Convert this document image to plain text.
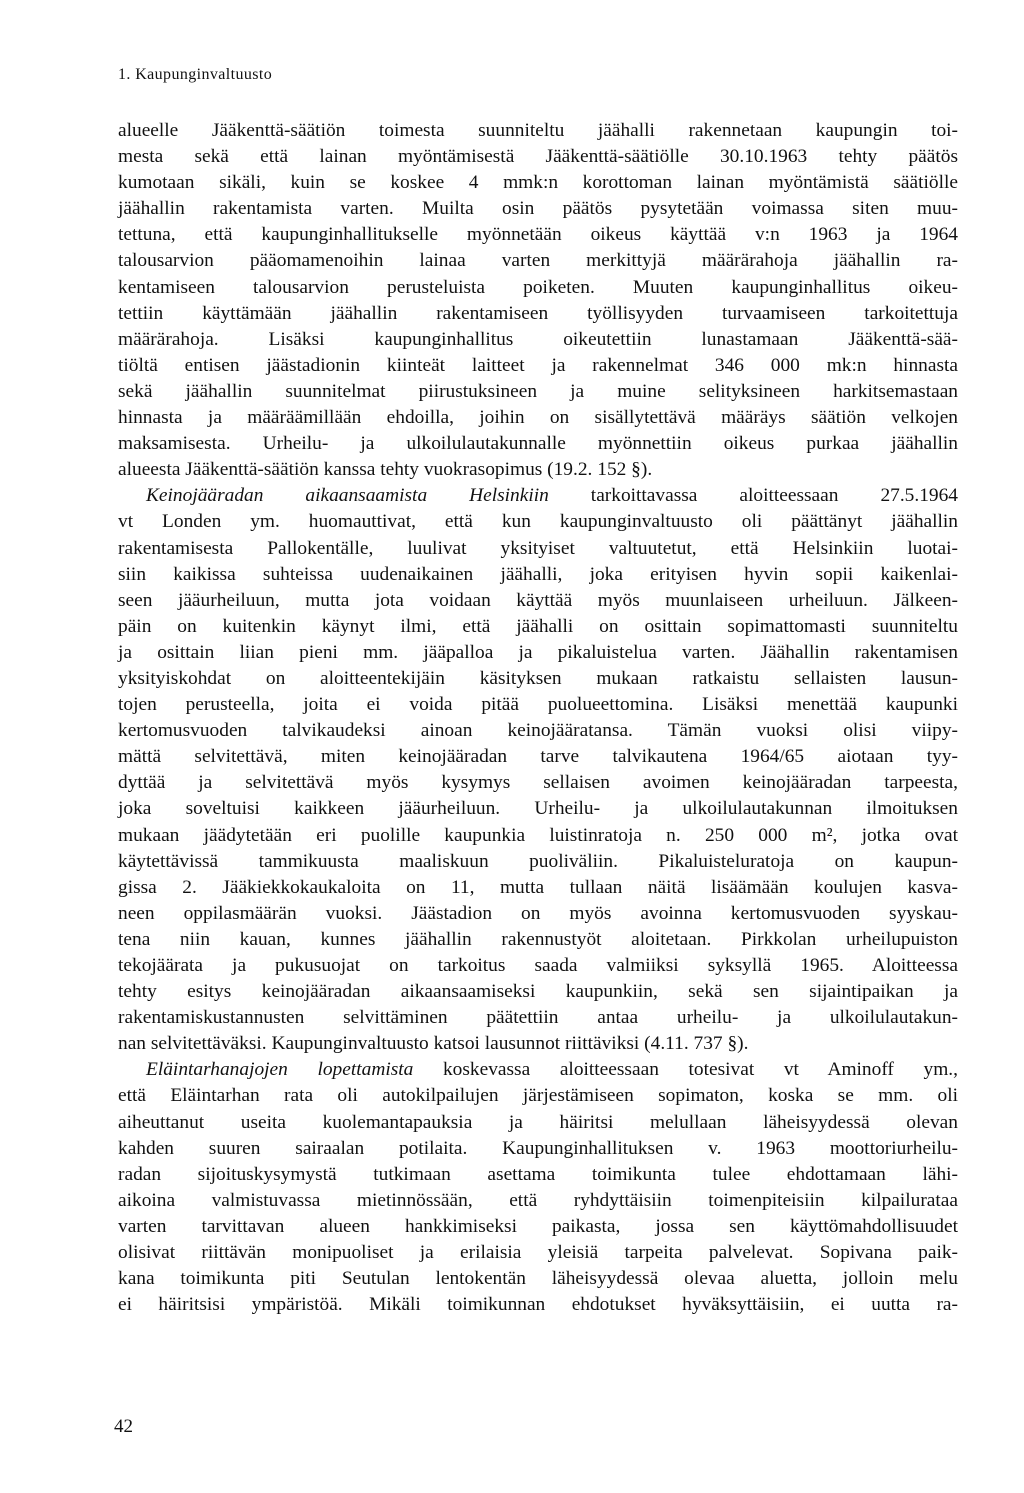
1. Kaupunginvaltuusto
alueelle Jääkenttä-säätiön toimesta suunniteltu jäähalli rakennetaan kaupungin toi-
mesta sekä että lainan myöntämisestä Jääkenttä-säätiölle 30.10.1963 tehty päätös
kumotaan sikäli, kuin se koskee 4 mmk:n korottoman lainan myöntämistä säätiölle
jäähallin rakentamista varten. Muilta osin päätös pysytetään voimassa siten muu-
tettuna, että kaupunginhallitukselle myönnetään oikeus käyttää v:n 1963 ja 1964
talousarvion pääomamenoihin lainaa varten merkittyjä määrärahoja jäähallin ra-
kentamiseen talousarvion perusteluista poiketen. Muuten kaupunginhallitus oikeu-
tettiin käyttämään jäähallin rakentamiseen työllisyyden turvaamiseen tarkoitettuja
määrärahoja. Lisäksi kaupunginhallitus oikeutettiin lunastamaan Jääkenttä-sää-
tiöltä entisen jäästadionin kiinteät laitteet ja rakennelmat 346 000 mk:n hinnasta
sekä jäähallin suunnitelmat piirustuksineen ja muine selityksineen harkitsemastaan
hinnasta ja määräämillään ehdoilla, joihin on sisällytettävä määräys säätiön velkojen
maksamisesta. Urheilu- ja ulkoilulautakunnalle myönnettiin oikeus purkaa jäähallin
alueesta Jääkenttä-säätiön kanssa tehty vuokrasopimus (19.2. 152 §).
Keinojääradan aikaansaamista Helsinkiin tarkoittavassa aloitteessaan 27.5.1964
vt Londen ym. huomauttivat, että kun kaupunginvaltuusto oli päättänyt jäähallin
rakentamisesta Pallokentälle, luulivat yksityiset valtuutetut, että Helsinkiin luotai-
siin kaikissa suhteissa uudenaikainen jäähalli, joka erityisen hyvin sopii kaikenlai-
seen jääurheiluun, mutta jota voidaan käyttää myös muunlaiseen urheiluun. Jälkeen-
päin on kuitenkin käynyt ilmi, että jäähalli on osittain sopimattomasti suunniteltu
ja osittain liian pieni mm. jääpalloa ja pikaluistelua varten. Jäähallin rakentamisen
yksityiskohdat on aloitteentekijäin käsityksen mukaan ratkaistu sellaisten lausun-
tojen perusteella, joita ei voida pitää puolueettomina. Lisäksi menettää kaupunki
kertomusvuoden talvikaudeksi ainoan keinojääratansa. Tämän vuoksi olisi viipy-
mättä selvitettävä, miten keinojääradan tarve talvikautena 1964/65 aiotaan tyy-
dyttää ja selvitettävä myös kysymys sellaisen avoimen keinojääradan tarpeesta,
joka soveltuisi kaikkeen jääurheiluun. Urheilu- ja ulkoilulautakunnan ilmoituksen
mukaan jäädytetään eri puolille kaupunkia luistinratoja n. 250 000 m², jotka ovat
käytettävissä tammikuusta maaliskuun puoliväliin. Pikaluisteluratoja on kaupun-
gissa 2. Jääkiekkokaukaloita on 11, mutta tullaan näitä lisäämään koulujen kasva-
neen oppilasmäärän vuoksi. Jäästadion on myös avoinna kertomusvuoden syyskau-
tena niin kauan, kunnes jäähallin rakennustyöt aloitetaan. Pirkkolan urheilupuiston
tekojäärata ja pukusuojat on tarkoitus saada valmiiksi syksyllä 1965. Aloitteessa
tehty esitys keinojääradan aikaansaamiseksi kaupunkiin, sekä sen sijaintipaikan ja
rakentamiskustannusten selvittäminen päätettiin antaa urheilu- ja ulkoilulautakun-
nan selvitettäväksi. Kaupunginvaltuusto katsoi lausunnot riittäviksi (4.11. 737 §).
Eläintarhanajojen lopettamista koskevassa aloitteessaan totesivat vt Aminoff ym.,
että Eläintarhan rata oli autokilpailujen järjestämiseen sopimaton, koska se mm. oli
aiheuttanut useita kuolemantapauksia ja häiritsi melullaan läheisyydessä olevan
kahden suuren sairaalan potilaita. Kaupunginhallituksen v. 1963 moottoriurheilu-
radan sijoituskysymystä tutkimaan asettama toimikunta tulee ehdottamaan lähi-
aikoina valmistuvassa mietinnössään, että ryhdyttäisiin toimenpiteisiin kilpailurataa
varten tarvittavan alueen hankkimiseksi paikasta, jossa sen käyttömahdollisuudet
olisivat riittävän monipuoliset ja erilaisia yleisiä tarpeita palvelevat. Sopivana paik-
kana toimikunta piti Seutulan lentokentän läheisyydessä olevaa aluetta, jolloin melu
ei häiritsisi ympäristöä. Mikäli toimikunnan ehdotukset hyväksyttäisiin, ei uutta ra-
42
